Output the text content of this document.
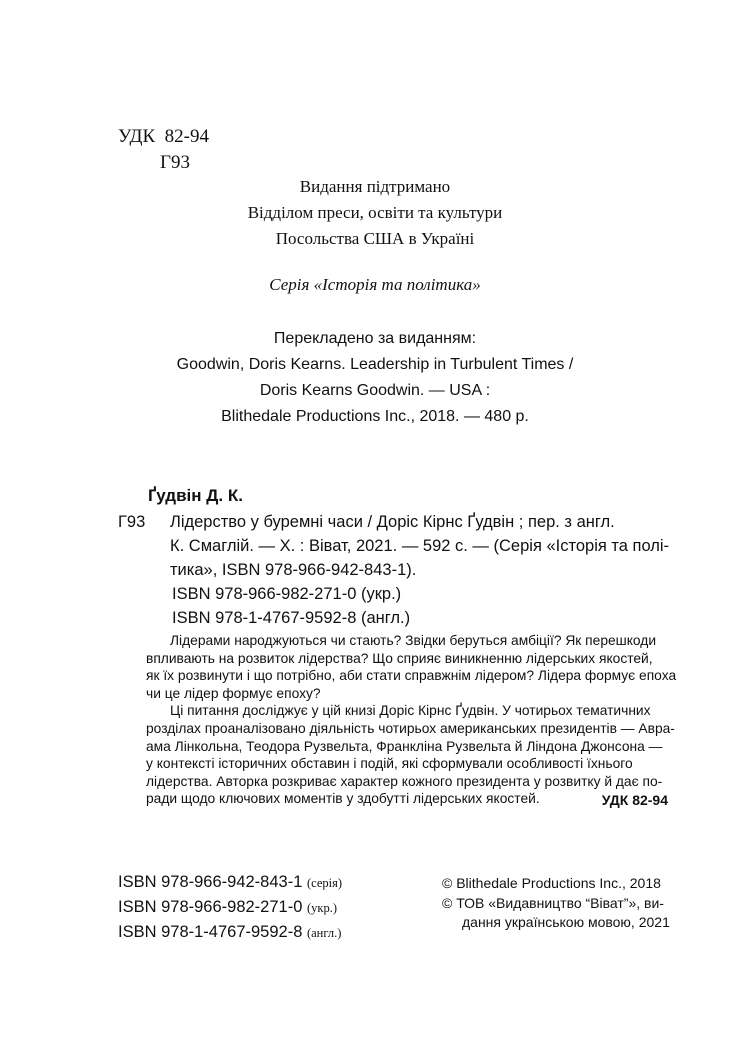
УДК 82-94
Г93
Видання підтримано
Відділом преси, освіти та культури
Посольства США в Україні
Серія «Історія та політика»
Перекладено за виданням:
Goodwin, Doris Kearns. Leadership in Turbulent Times /
Doris Kearns Goodwin. — USA :
Blithedale Productions Inc., 2018. — 480 p.
Ґудвін Д. К.
Г93 Лідерство у буремні часи / Доріс Кірнс Ґудвін ; пер. з англ.
К. Смаглій. — Х. : Віват, 2021. — 592 с. — (Серія «Історія та полі-
тика», ISBN 978-966-942-843-1).
ISBN 978-966-982-271-0 (укр.)
ISBN 978-1-4767-9592-8 (англ.)
Лідерами народжуються чи стають? Звідки беруться амбіції? Як перешкоди
впливають на розвиток лідерства? Що сприяє виникненню лідерських якостей,
як їх розвинути і що потрібно, аби стати справжнім лідером? Лідера формує епоха
чи це лідер формує епоху?
Ці питання досліджує у цій книзі Доріс Кірнс Ґудвін. У чотирьох тематичних
розділах проаналізовано діяльність чотирьох американських президентів — Авра-
ама Лінкольна, Теодора Рузвельта, Франкліна Рузвельта й Ліндона Джонсона —
у контексті історичних обставин і подій, які сформували особливості їхнього
лідерства. Авторка розкриває характер кожного президента у розвитку й дає по-
ради щодо ключових моментів у здобутті лідерських якостей.	УДК 82-94
ISBN 978-966-942-843-1 (серія)
ISBN 978-966-982-271-0 (укр.)
ISBN 978-1-4767-9592-8 (англ.)
© Blithedale Productions Inc., 2018
© ТОВ «Видавництво “Віват”», ви-
дання українською мовою, 2021
